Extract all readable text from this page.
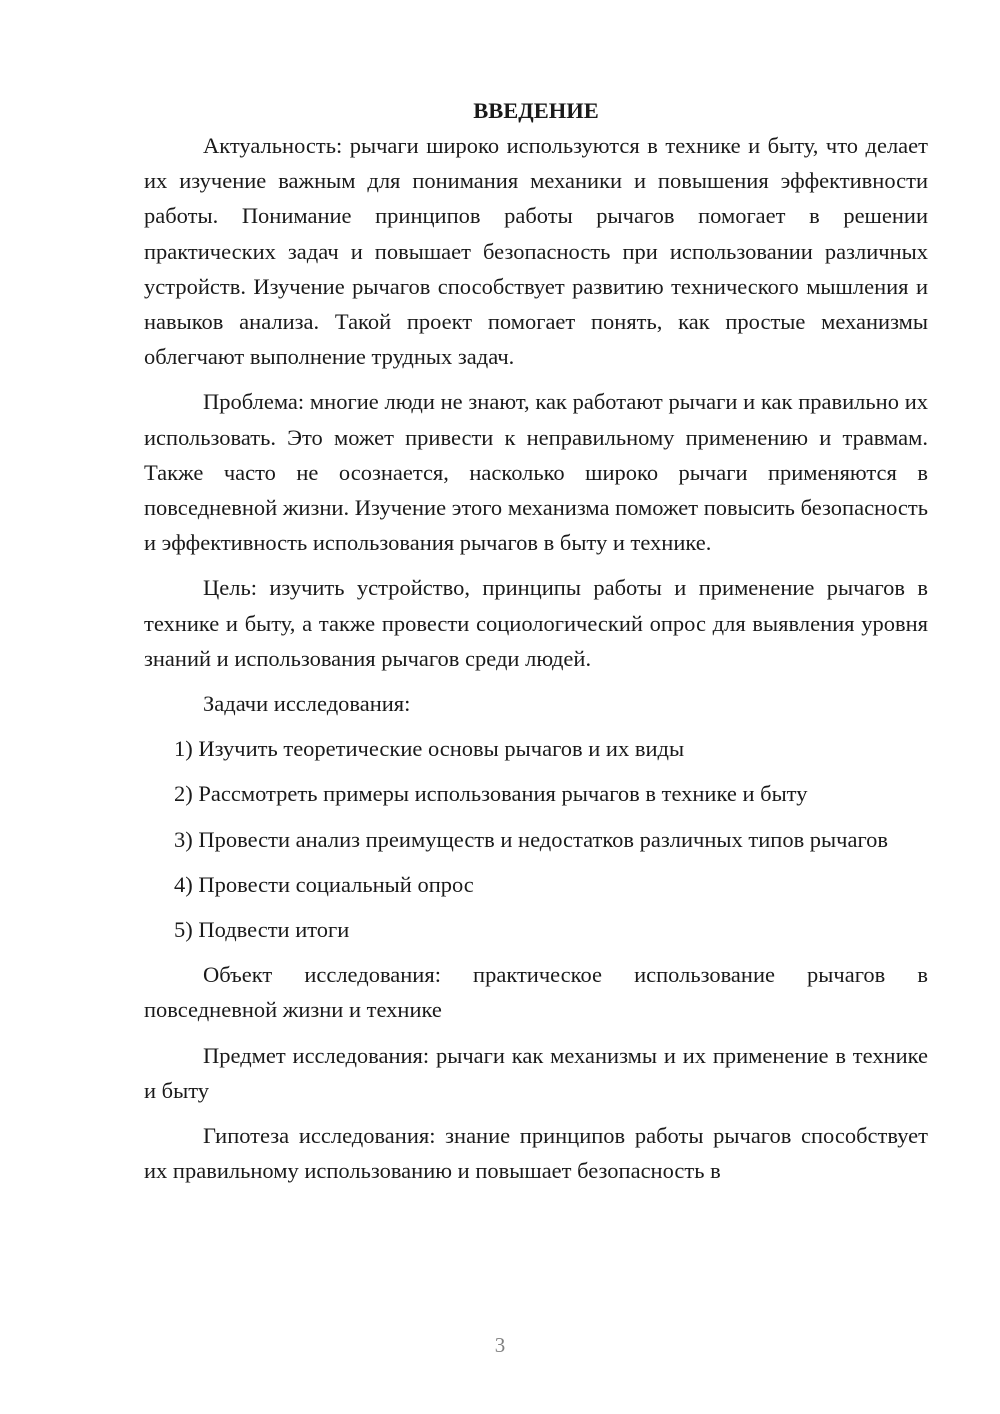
ВВЕДЕНИЕ

Актуальность: рычаги широко используются в технике и быту, что делает их изучение важным для понимания механики и повышения эффективности работы. Понимание принципов работы рычагов помогает в решении практических задач и повышает безопасность при использовании различных устройств. Изучение рычагов способствует развитию технического мышления и навыков анализа. Такой проект помогает понять, как простые механизмы облегчают выполнение трудных задач.

Проблема: многие люди не знают, как работают рычаги и как правильно их использовать. Это может привести к неправильному применению и травмам. Также часто не осознается, насколько широко рычаги применяются в повседневной жизни. Изучение этого механизма поможет повысить безопасность и эффективность использования рычагов в быту и технике.

Цель: изучить устройство, принципы работы и применение рычагов в технике и быту, а также провести социологический опрос для выявления уровня знаний и использования рычагов среди людей.

Задачи исследования:

1) Изучить теоретические основы рычагов и их виды

2) Рассмотреть примеры использования рычагов в технике и быту

3) Провести анализ преимуществ и недостатков различных типов рычагов

4) Провести социальный опрос

5) Подвести итоги

Объект исследования: практическое использование рычагов в повседневной жизни и технике

Предмет исследования: рычаги как механизмы и их применение в технике и быту

Гипотеза исследования: знание принципов работы рычагов способствует их правильному использованию и повышает безопасность в

3
